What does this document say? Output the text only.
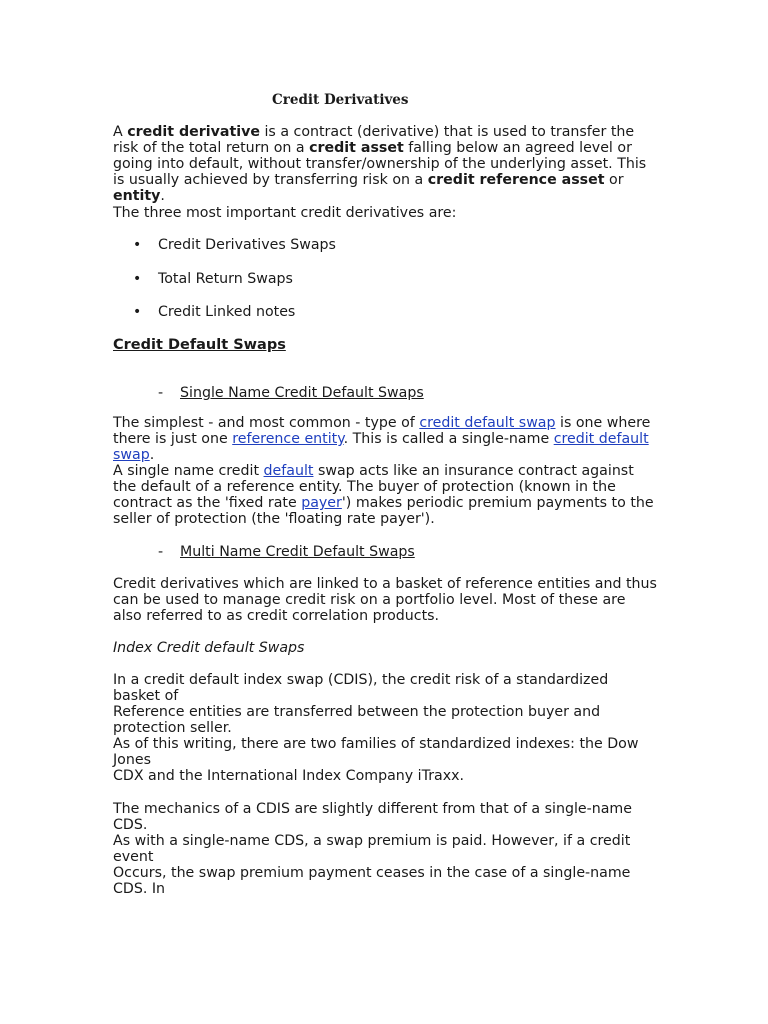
Credit Derivatives

A credit derivative is a contract (derivative) that is used to transfer the risk of the total return on a credit asset falling below an agreed level or going into default, without transfer/ownership of the underlying asset. This is usually achieved by transferring risk on a credit reference asset or entity.

The three most important credit derivatives are:

• Credit Derivatives Swaps
• Total Return Swaps
• Credit Linked notes
Credit Default Swaps
- Single Name Credit Default Swaps

The simplest - and most common - type of credit default swap is one where there is just one reference entity. This is called a single-name credit default swap.
A single name credit default swap acts like an insurance contract against the default of a reference entity. The buyer of protection (known in the contract as the 'fixed rate payer') makes periodic premium payments to the seller of protection (the 'floating rate payer').

- Multi Name Credit Default Swaps

Credit derivatives which are linked to a basket of reference entities and thus can be used to manage credit risk on a portfolio level. Most of these are also referred to as credit correlation products.

Index Credit default Swaps

In a credit default index swap (CDIS), the credit risk of a standardized basket of

Reference entities are transferred between the protection buyer and protection seller.

As of this writing, there are two families of standardized indexes: the Dow Jones

CDX and the International Index Company iTraxx.

The mechanics of a CDIS are slightly different from that of a single-name CDS.

As with a single-name CDS, a swap premium is paid. However, if a credit event

Occurs, the swap premium payment ceases in the case of a single-name CDS. In
